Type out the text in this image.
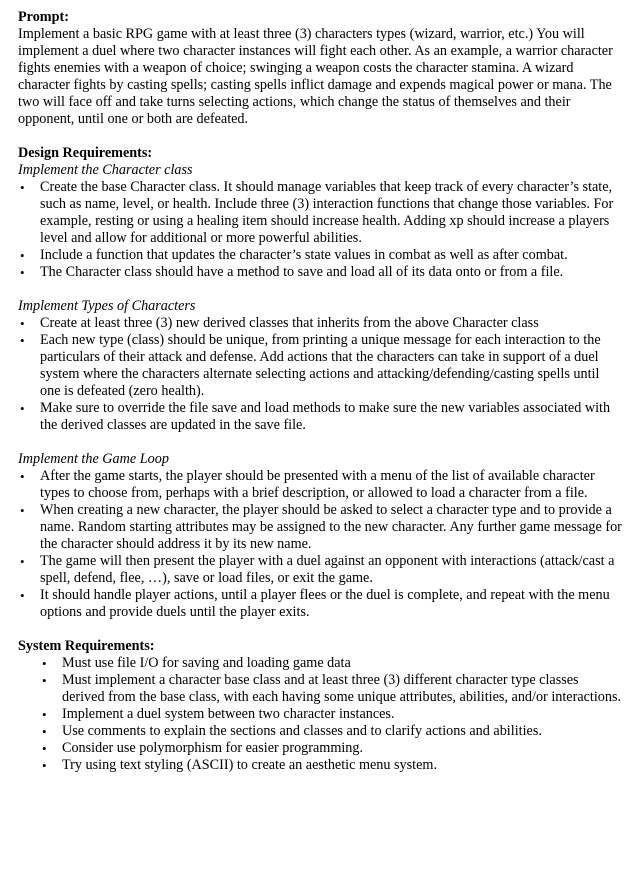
Prompt:

Implement a basic RPG game with at least three (3) characters types (wizard, warrior, etc.) You will implement a duel where two character instances will fight each other. As an example, a warrior character fights enemies with a weapon of choice; swinging a weapon costs the character stamina. A wizard character fights by casting spells; casting spells inflict damage and expends magical power or mana. The two will face off and take turns selecting actions, which change the status of themselves and their opponent, until one or both are defeated.

Design Requirements:

Implement the Character class

• Create the base Character class. It should manage variables that keep track of every character’s state, such as name, level, or health. Include three (3) interaction functions that change those variables. For example, resting or using a healing item should increase health. Adding xp should increase a players level and allow for additional or more powerful abilities.
• Include a function that updates the character’s state values in combat as well as after combat.
• The Character class should have a method to save and load all of its data onto or from a file.

Implement Types of Characters

• Create at least three (3) new derived classes that inherits from the above Character class
• Each new type (class) should be unique, from printing a unique message for each interaction to the particulars of their attack and defense. Add actions that the characters can take in support of a duel system where the characters alternate selecting actions and attacking/defending/casting spells until one is defeated (zero health).
• Make sure to override the file save and load methods to make sure the new variables associated with the derived classes are updated in the save file.

Implement the Game Loop

• After the game starts, the player should be presented with a menu of the list of available character types to choose from, perhaps with a brief description, or allowed to load a character from a file.
• When creating a new character, the player should be asked to select a character type and to provide a name. Random starting attributes may be assigned to the new character. Any further game message for the character should address it by its new name.
• The game will then present the player with a duel against an opponent with interactions (attack/cast a spell, defend, flee, …), save or load files, or exit the game.
• It should handle player actions, until a player flees or the duel is complete, and repeat with the menu options and provide duels until the player exits.

System Requirements:

• Must use file I/O for saving and loading game data
• Must implement a character base class and at least three (3) different character type classes derived from the base class, with each having some unique attributes, abilities, and/or interactions.
• Implement a duel system between two character instances.
• Use comments to explain the sections and classes and to clarify actions and abilities.
• Consider use polymorphism for easier programming.
• Try using text styling (ASCII) to create an aesthetic menu system.
